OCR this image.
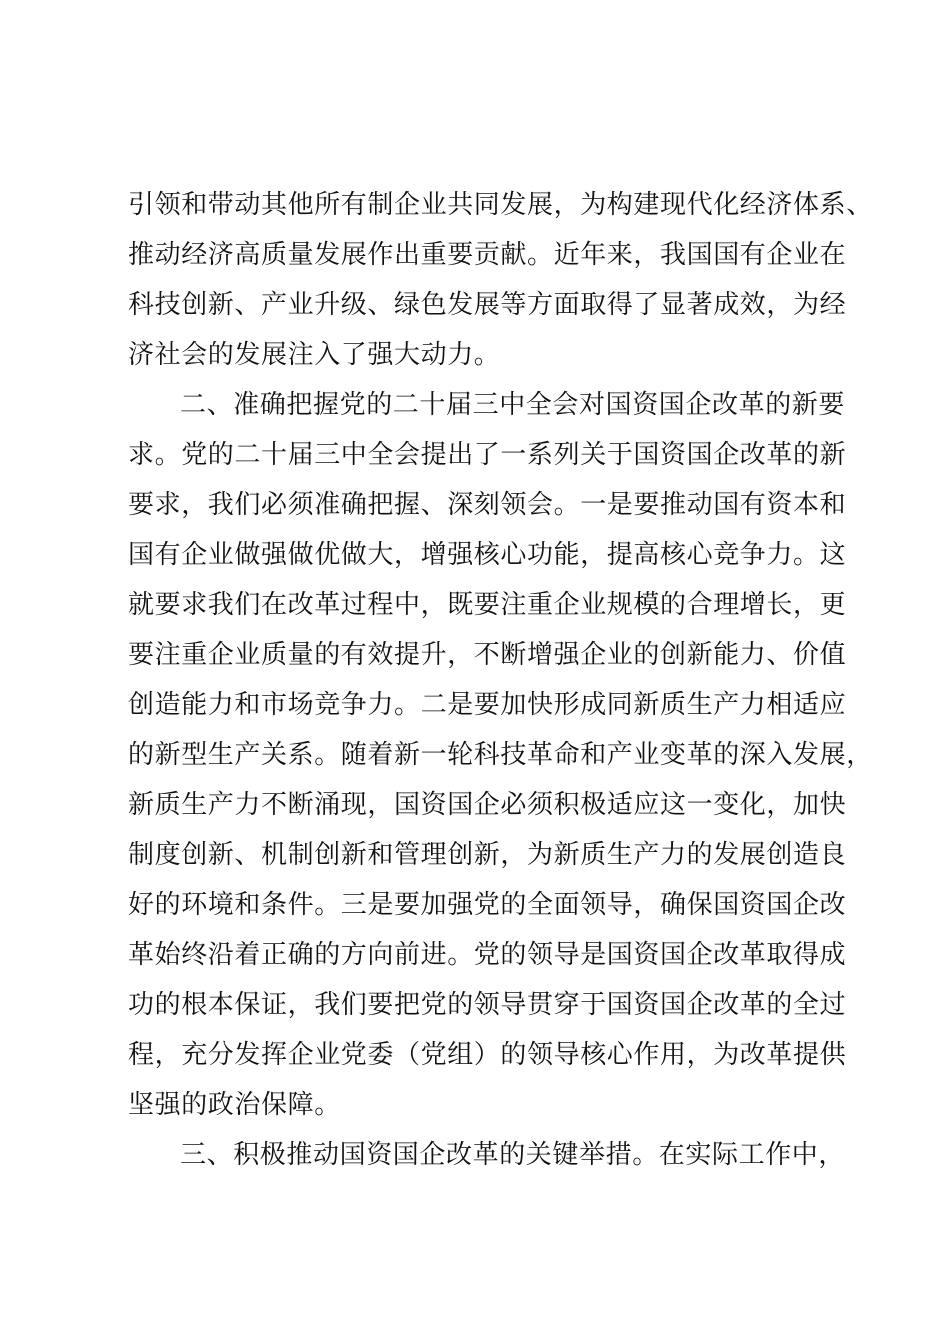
引领和带动其他所有制企业共同发展，为构建现代化经济体系、
推动经济高质量发展作出重要贡献。近年来，我国国有企业在
科技创新、产业升级、绿色发展等方面取得了显著成效，为经
济社会的发展注入了强大动力。
二、准确把握党的二十届三中全会对国资国企改革的新要
求。党的二十届三中全会提出了一系列关于国资国企改革的新
要求，我们必须准确把握、深刻领会。一是要推动国有资本和
国有企业做强做优做大，增强核心功能，提高核心竞争力。这
就要求我们在改革过程中，既要注重企业规模的合理增长，更
要注重企业质量的有效提升，不断增强企业的创新能力、价值
创造能力和市场竞争力。二是要加快形成同新质生产力相适应
的新型生产关系。随着新一轮科技革命和产业变革的深入发展，
新质生产力不断涌现，国资国企必须积极适应这一变化，加快
制度创新、机制创新和管理创新，为新质生产力的发展创造良
好的环境和条件。三是要加强党的全面领导，确保国资国企改
革始终沿着正确的方向前进。党的领导是国资国企改革取得成
功的根本保证，我们要把党的领导贯穿于国资国企改革的全过
程，充分发挥企业党委（党组）的领导核心作用，为改革提供
坚强的政治保障。
三、积极推动国资国企改革的关键举措。在实际工作中，
